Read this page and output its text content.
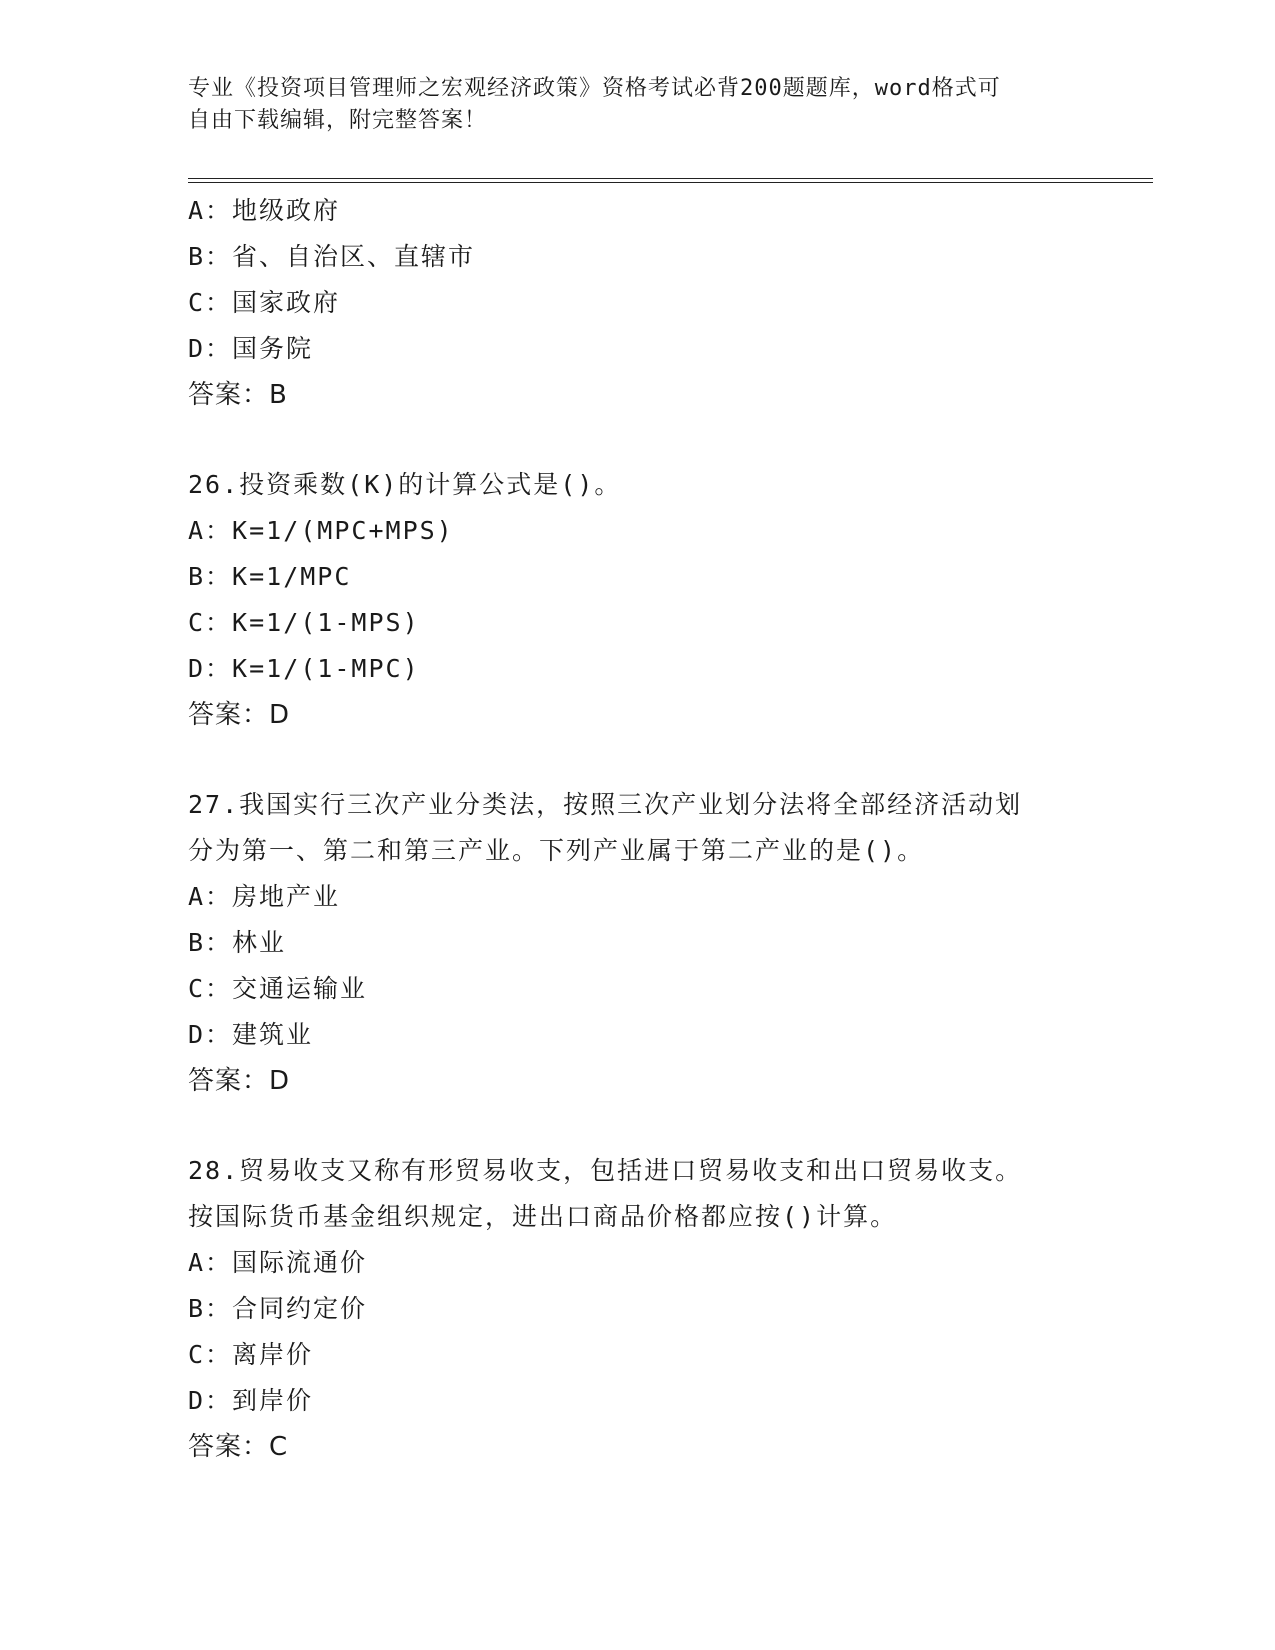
专业《投资项目管理师之宏观经济政策》资格考试必背200题题库，word格式可
自由下载编辑，附完整答案！
A：地级政府
B：省、自治区、直辖市
C：国家政府
D：国务院
答案：B
26.投资乘数(K)的计算公式是()。
A：K=1/(MPC+MPS)
B：K=1/MPC
C：K=1/(1-MPS)
D：K=1/(1-MPC)
答案：D
27.我国实行三次产业分类法，按照三次产业划分法将全部经济活动划
分为第一、第二和第三产业。下列产业属于第二产业的是()。
A：房地产业
B：林业
C：交通运输业
D：建筑业
答案：D
28.贸易收支又称有形贸易收支，包括进口贸易收支和出口贸易收支。
按国际货币基金组织规定，进出口商品价格都应按()计算。
A：国际流通价
B：合同约定价
C：离岸价
D：到岸价
答案：C
